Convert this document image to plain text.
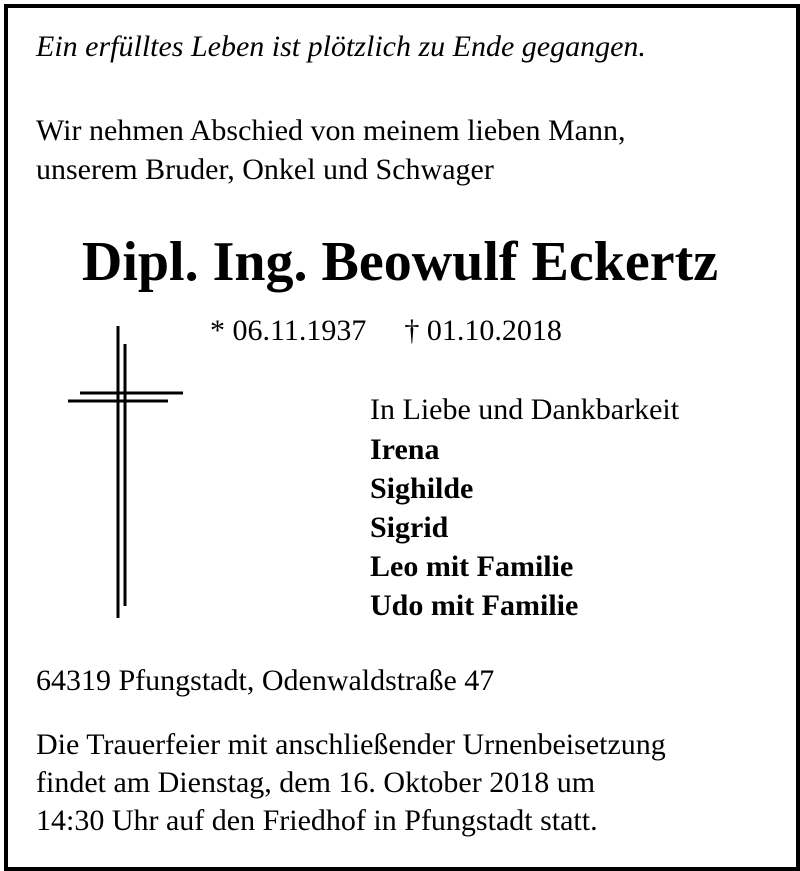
Ein erfülltes Leben ist plötzlich zu Ende gegangen.
Wir nehmen Abschied von meinem lieben Mann,
unserem Bruder, Onkel und Schwager
Dipl. Ing. Beowulf Eckertz
* 06.11.1937 † 01.10.2018
In Liebe und Dankbarkeit
Irena
Sighilde
Sigrid
Leo mit Familie
Udo mit Familie
64319 Pfungstadt, Odenwaldstraße 47
Die Trauerfeier mit anschließender Urnenbeisetzung
findet am Dienstag, dem 16. Oktober 2018 um
14:30 Uhr auf den Friedhof in Pfungstadt statt.
